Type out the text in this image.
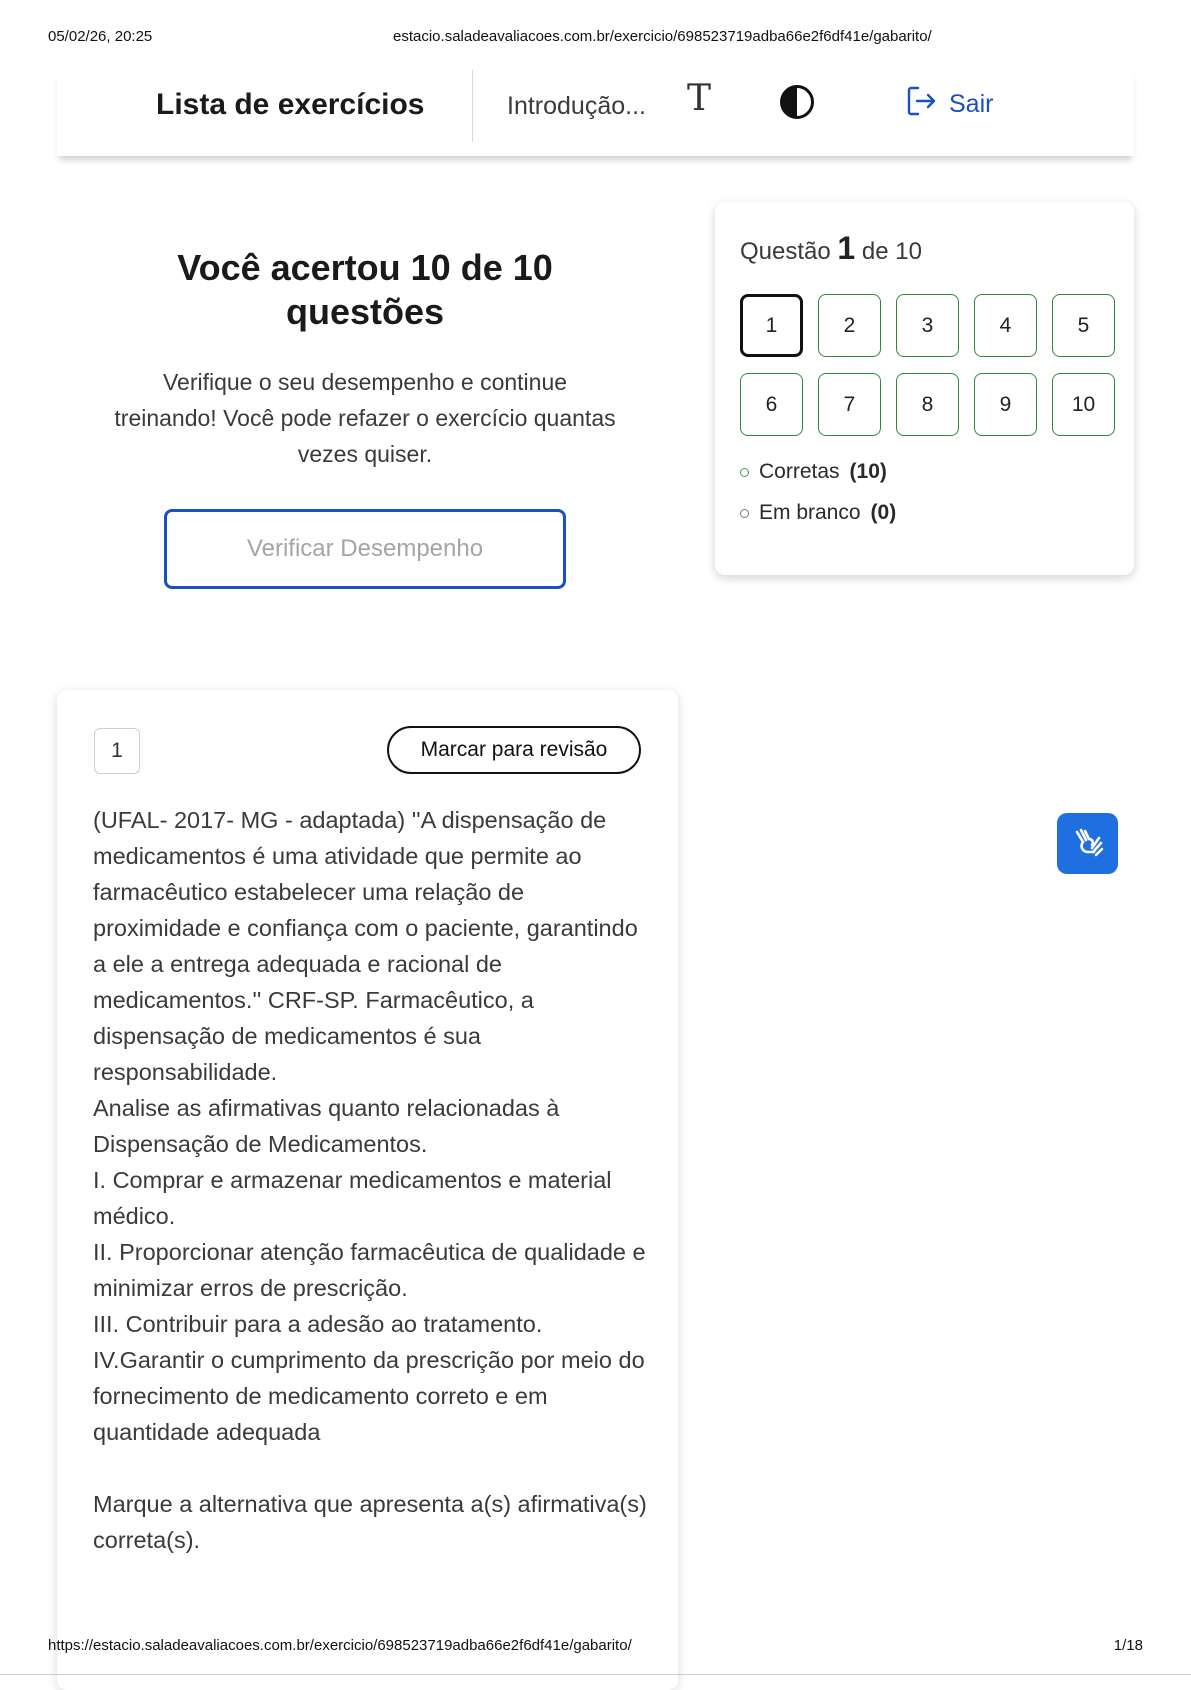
05/02/26, 20:25	estacio.saladeavaliacoes.com.br/exercicio/698523719adba66e2f6df41e/gabarito/
Lista de exercícios	Introdução... T	Sair
Você acertou 10 de 10 questões

Verifique o seu desempenho e continue treinando! Você pode refazer o exercício quantas vezes quiser.

Verificar Desempenho
Questão 1 de 10
1	2	3	4	5
6	7	8	9	10
Corretas (10)
Em branco (0)
1	Marcar para revisão
(UFAL- 2017- MG - adaptada) ''A dispensação de medicamentos é uma atividade que permite ao farmacêutico estabelecer uma relação de proximidade e confiança com o paciente, garantindo a ele a entrega adequada e racional de medicamentos.'' CRF-SP. Farmacêutico, a dispensação de medicamentos é sua responsabilidade.
Analise as afirmativas quanto relacionadas à Dispensação de Medicamentos.
I. Comprar e armazenar medicamentos e material médico.
II. Proporcionar atenção farmacêutica de qualidade e minimizar erros de prescrição.
III. Contribuir para a adesão ao tratamento.
IV.Garantir o cumprimento da prescrição por meio do fornecimento de medicamento correto e em quantidade adequada

Marque a alternativa que apresenta a(s) afirmativa(s) correta(s).
https://estacio.saladeavaliacoes.com.br/exercicio/698523719adba66e2f6df41e/gabarito/	1/18
